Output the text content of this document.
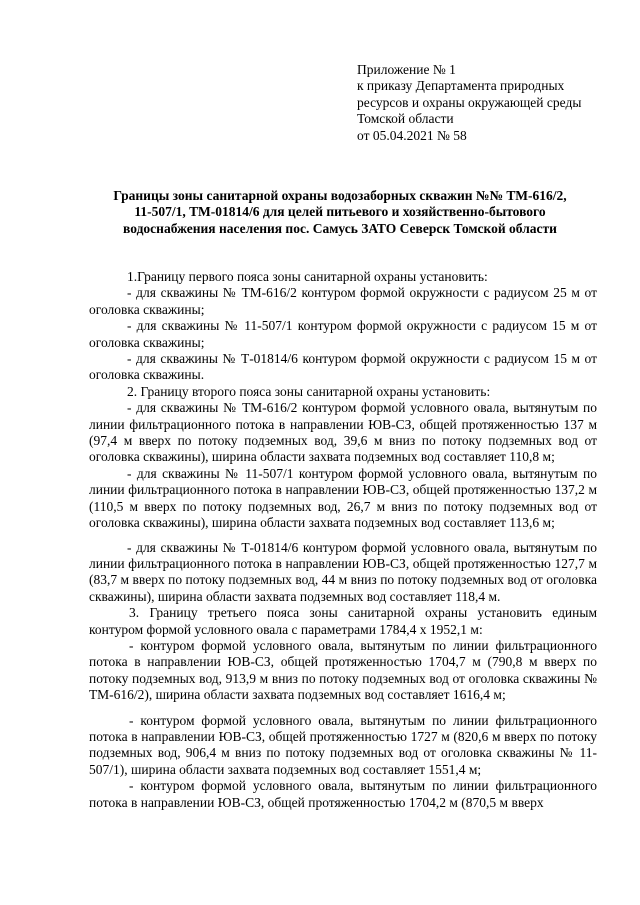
Приложение № 1
к приказу Департамента природных
ресурсов и охраны окружающей среды
Томской области
от 05.04.2021 № 58
Границы зоны санитарной охраны водозаборных скважин №№ ТМ-616/2,
11-507/1, ТМ-01814/6 для целей питьевого и хозяйственно-бытового
водоснабжения населения пос. Самусь ЗАТО Северск Томской области

1.Границу первого пояса зоны санитарной охраны установить:

- для скважины № ТМ-616/2 контуром формой окружности с радиусом 25 м от оголовка скважины;

- для скважины № 11-507/1 контуром формой окружности с радиусом 15 м от оголовка скважины;

- для скважины № Т-01814/6 контуром формой окружности с радиусом 15 м от оголовка скважины.

2. Границу второго пояса зоны санитарной охраны установить:

- для скважины № ТМ-616/2 контуром формой условного овала, вытянутым по линии фильтрационного потока в направлении ЮВ-СЗ, общей протяженностью 137 м (97,4 м вверх по потоку подземных вод, 39,6 м вниз по потоку подземных вод от оголовка скважины), ширина области захвата подземных вод составляет 110,8 м;

- для скважины № 11-507/1 контуром формой условного овала, вытянутым по линии фильтрационного потока в направлении ЮВ-СЗ, общей протяженностью 137,2 м (110,5 м вверх по потоку подземных вод, 26,7 м вниз по потоку подземных вод от оголовка скважины), ширина области захвата подземных вод составляет 113,6 м;

- для скважины № Т-01814/6 контуром формой условного овала, вытянутым по линии фильтрационного потока в направлении ЮВ-СЗ, общей протяженностью 127,7 м (83,7 м вверх по потоку подземных вод, 44 м вниз по потоку подземных вод от оголовка скважины), ширина области захвата подземных вод составляет 118,4 м.

3. Границу третьего пояса зоны санитарной охраны установить единым контуром формой условного овала с параметрами 1784,4 х 1952,1 м:

- контуром формой условного овала, вытянутым по линии фильтрационного потока в направлении ЮВ-СЗ, общей протяженностью 1704,7 м (790,8 м вверх по потоку подземных вод, 913,9 м вниз по потоку подземных вод от оголовка скважины № ТМ-616/2), ширина области захвата подземных вод составляет 1616,4 м;

- контуром формой условного овала, вытянутым по линии фильтрационного потока в направлении ЮВ-СЗ, общей протяженностью 1727 м (820,6 м вверх по потоку подземных вод, 906,4 м вниз по потоку подземных вод от оголовка скважины № 11-507/1), ширина области захвата подземных вод составляет 1551,4 м;

- контуром формой условного овала, вытянутым по линии фильтрационного потока в направлении ЮВ-СЗ, общей протяженностью 1704,2 м (870,5 м вверх
